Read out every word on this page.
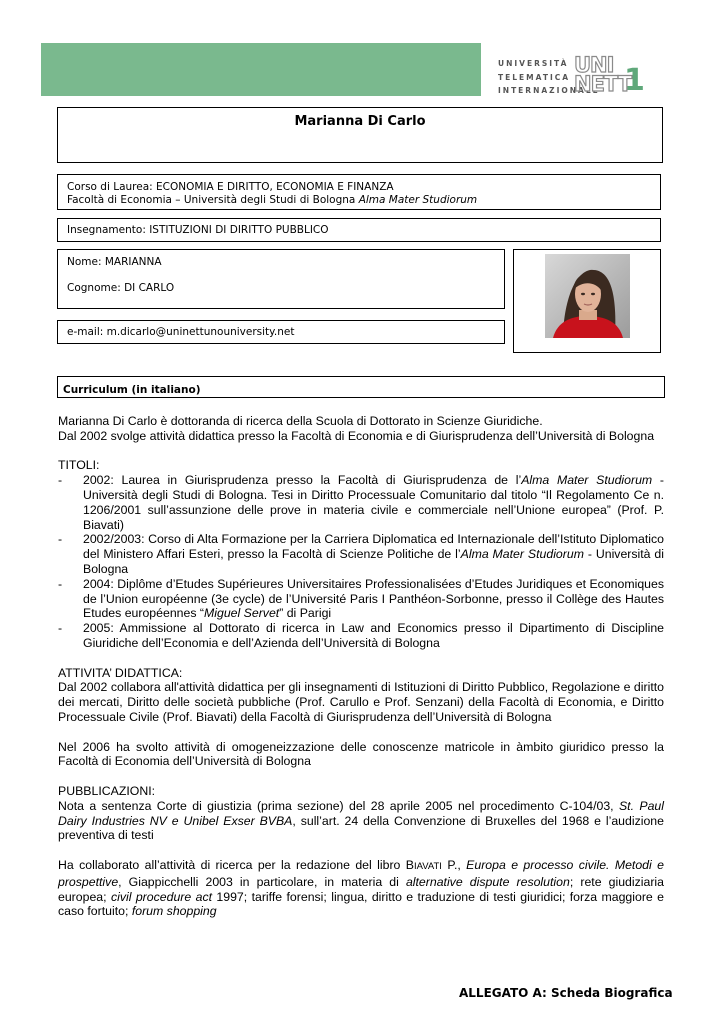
UNIVERSITÀ
TELEMATICA
INTERNAZIONALE
UNI
NETT
1
Marianna Di Carlo
Corso di Laurea: ECONOMIA E DIRITTO, ECONOMIA E FINANZA
Facoltà di Economia – Università degli Studi di Bologna Alma Mater Studiorum
Insegnamento: ISTITUZIONI DI DIRITTO PUBBLICO
Nome: MARIANNA
Cognome: DI CARLO
e-mail: m.dicarlo@uninettunouniversity.net
Curriculum (in italiano)

Marianna Di Carlo è dottoranda di ricerca della Scuola di Dottorato in Scienze Giuridiche.
Dal 2002 svolge attività didattica presso la Facoltà di Economia e di Giurisprudenza dell’Università di Bologna

TITOLI:
- 2002: Laurea in Giurisprudenza presso la Facoltà di Giurisprudenza de l’Alma Mater Studiorum - Università degli Studi di Bologna. Tesi in Diritto Processuale Comunitario dal titolo “Il Regolamento Ce n. 1206/2001 sull’assunzione delle prove in materia civile e commerciale nell’Unione europea” (Prof. P. Biavati)
- 2002/2003: Corso di Alta Formazione per la Carriera Diplomatica ed Internazionale dell’Istituto Diplomatico del Ministero Affari Esteri, presso la Facoltà di Scienze Politiche de l’Alma Mater Studiorum - Università di Bologna
- 2004: Diplôme d’Etudes Supérieures Universitaires Professionalisées d’Etudes Juridiques et Economiques de l’Union européenne (3e cycle) de l’Université Paris I Panthéon-Sorbonne, presso il Collège des Hautes Etudes européennes “Miguel Servet” di Parigi
- 2005: Ammissione al Dottorato di ricerca in Law and Economics presso il Dipartimento di Discipline Giuridiche dell’Economia e dell’Azienda dell’Università di Bologna
ATTIVITA’ DIDATTICA:

Dal 2002 collabora all'attività didattica per gli insegnamenti di Istituzioni di Diritto Pubblico, Regolazione e diritto dei mercati, Diritto delle società pubbliche (Prof. Carullo e Prof. Senzani) della Facoltà di Economia, e Diritto Processuale Civile (Prof. Biavati) della Facoltà di Giurisprudenza dell’Università di Bologna

Nel 2006 ha svolto attività di omogeneizzazione delle conoscenze matricole in àmbito giuridico presso la Facoltà di Economia dell’Università di Bologna

PUBBLICAZIONI:

Nota a sentenza Corte di giustizia (prima sezione) del 28 aprile 2005 nel procedimento C-104/03, St. Paul Dairy Industries NV e Unibel Exser BVBA, sull’art. 24 della Convenzione di Bruxelles del 1968 e l’audizione preventiva di testi

Ha collaborato all’attività di ricerca per la redazione del libro BIAVATI P., Europa e processo civile. Metodi e prospettive, Giappicchelli 2003 in particolare, in materia di alternative dispute resolution; rete giudiziaria europea; civil procedure act 1997; tariffe forensi; lingua, diritto e traduzione di testi giuridici; forza maggiore e caso fortuito; forum shopping

ALLEGATO A: Scheda Biografica
